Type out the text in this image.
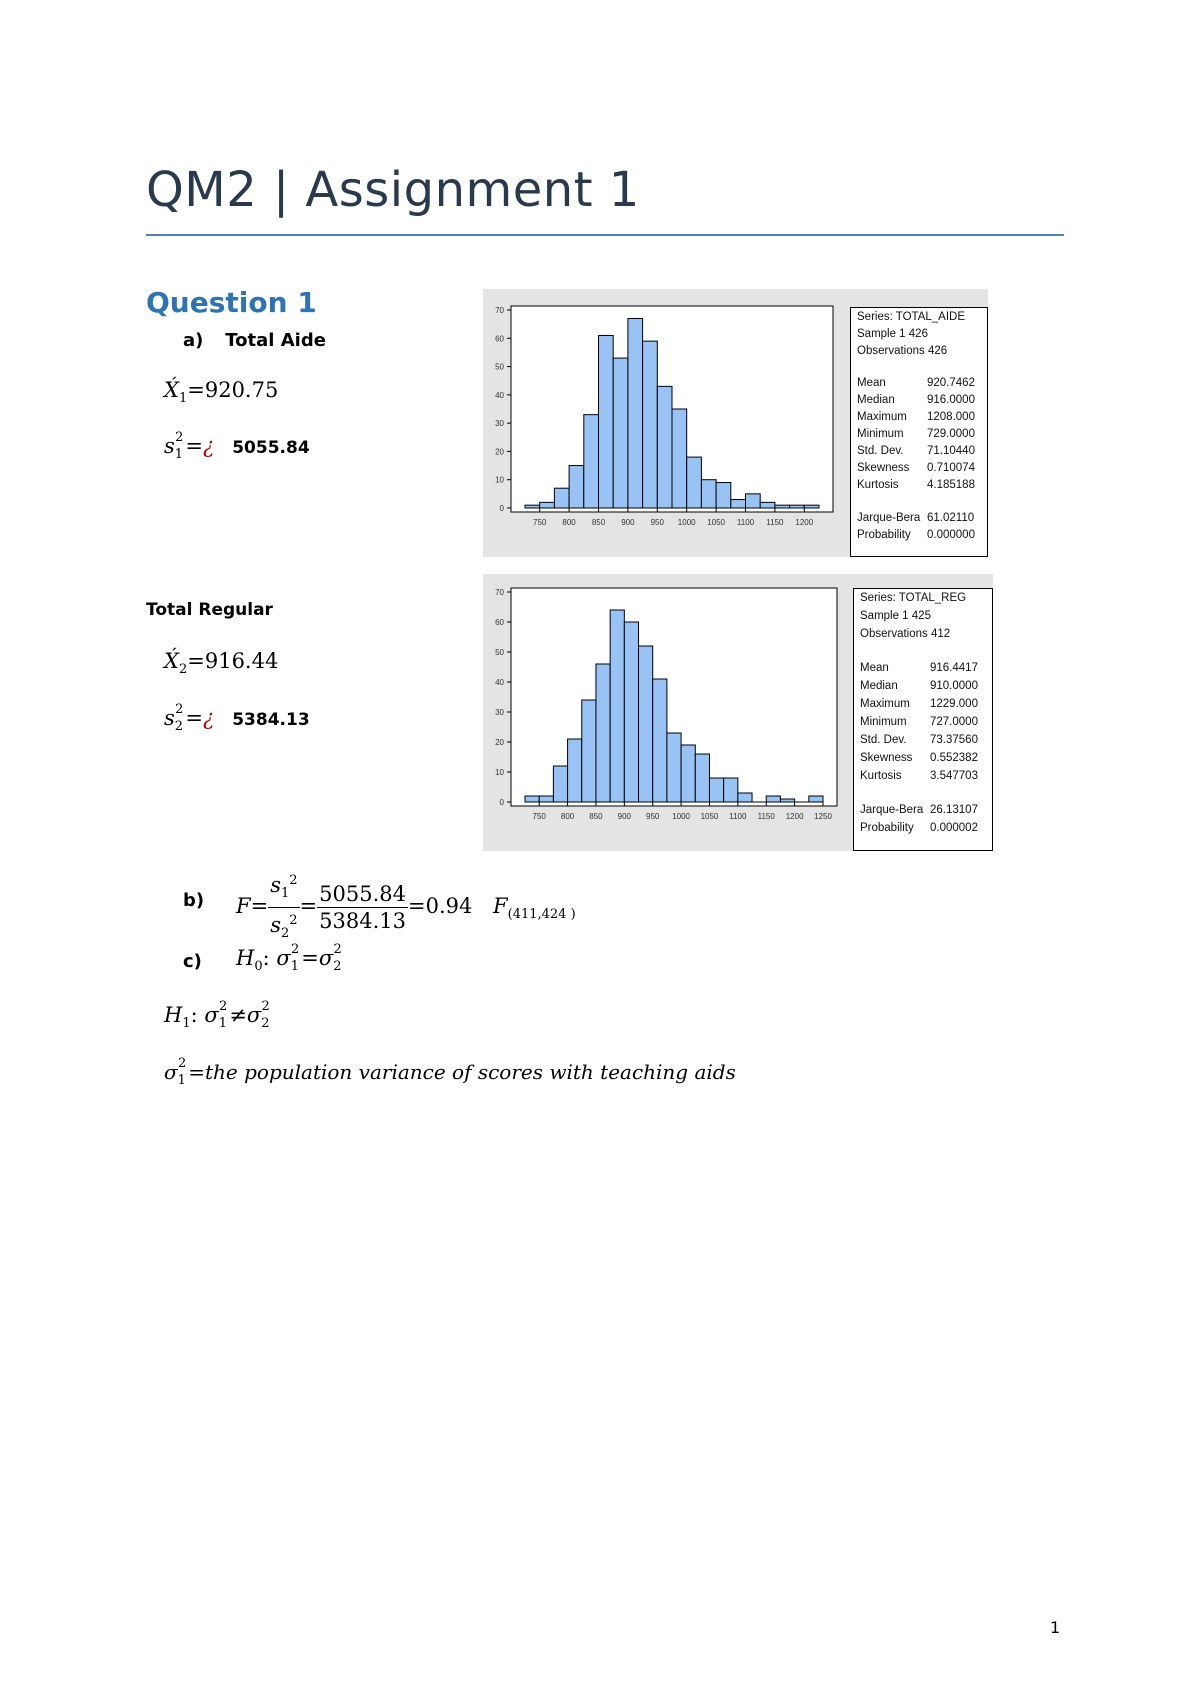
QM2 | Assignment 1
Question 1
a) Total Aide
$X́_1=920.75$
$s_1^2=¿$ 5055.84
Total Regular
$X́_2=916.44$
$s_2^2=¿$ 5384.13
0
10
20
30
40
50
60
70
750 800 850 900 950 1000 1050 1100 1150 1200
Series: TOTAL_AIDE
Sample 1 426
Observations 426
Mean	920.7462
Median	916.0000
Maximum 1208.000
Minimum 729.0000
Std. Dev. 71.10440
Skewness 0.710074
Kurtosis 4.185188
Jarque-Bera 61.02110
Probability 0.000000
0
10
20
30
40
50
60
70
750 800 850 900 950 1000 1050 1100 1150 1200 1250
Series: TOTAL_REG
Sample 1 425
Observations 412
Mean	916.4417
Median	910.0000
Maximum 1229.000
Minimum 727.0000
Std. Dev. 73.37560
Skewness 0.552382
Kurtosis 3.547703
Jarque-Bera 26.13107
Probability 0.000002
b) $F= \frac{s_1^2}{s_2^2} = \frac{5055.84}{5384.13} =0.94$ $F_{(411,424 )}$
c) $H_0$: $\sigma_1^2=\sigma_2^2$
$H_1$: $\sigma_1^2\ne\sigma_2^2$
$\sigma_1^2 =the$ population variance of scores with teaching aids
1
